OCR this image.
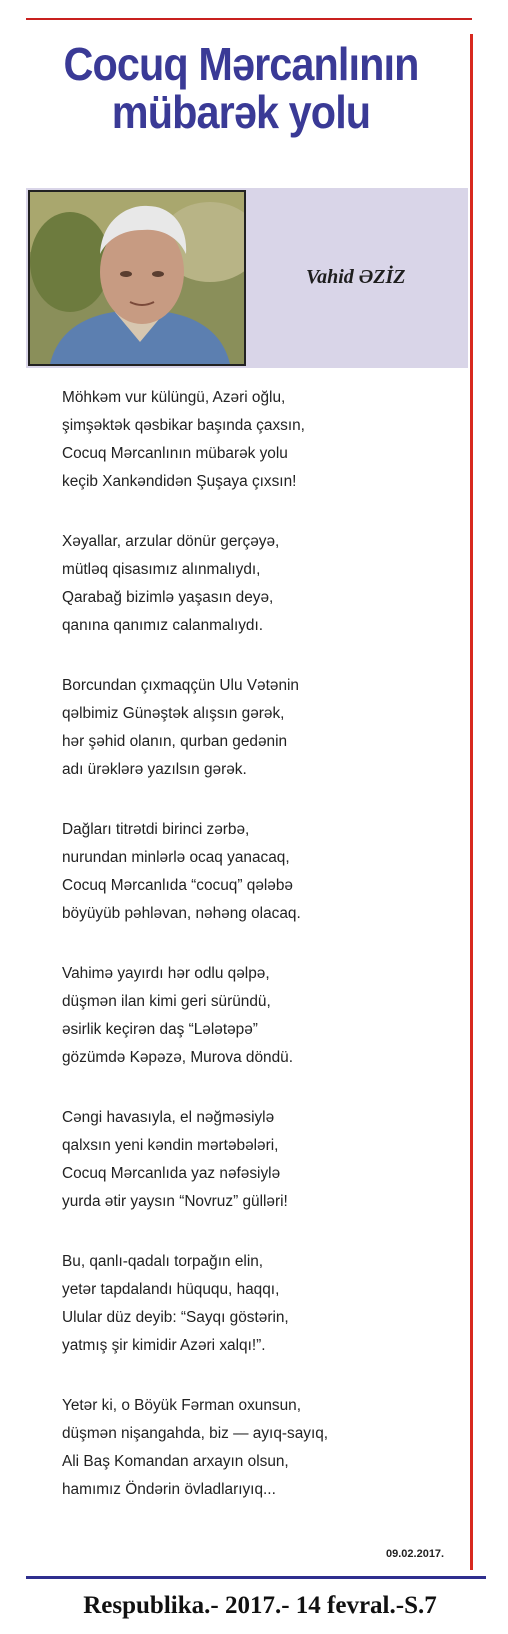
Cocuq Mərcanlının
mübarək yolu
Vahid ƏZİZ
Möhkəm vur külüngü, Azəri oğlu,
şimşəktək qəsbikar başında çaxsın,
Cocuq Mərcanlının mübarək yolu
keçib Xankəndidən Şuşaya çıxsın!
Xəyallar, arzular dönür gerçəyə,
mütləq qisasımız alınmalıydı,
Qarabağ bizimlə yaşasın deyə,
qanına qanımız calanmalıydı.
Borcundan çıxmaqçün Ulu Vətənin
qəlbimiz Günəştək alışsın gərək,
hər şəhid olanın, qurban gedənin
adı ürəklərə yazılsın gərək.
Dağları titrətdi birinci zərbə,
nurundan minlərlə ocaq yanacaq,
Cocuq Mərcanlıda “cocuq” qələbə
böyüyüb pəhləvan, nəhəng olacaq.
Vahimə yayırdı hər odlu qəlpə,
düşmən ilan kimi geri süründü,
əsirlik keçirən daş “Lələtəpə”
gözümdə Kəpəzə, Murova döndü.
Cəngi havasıyla, el nəğməsiylə
qalxsın yeni kəndin mərtəbələri,
Cocuq Mərcanlıda yaz nəfəsiylə
yurda ətir yaysın “Novruz” gülləri!
Bu, qanlı-qadalı torpağın elin,
yetər tapdalandı hüququ, haqqı,
Ulular düz deyib: “Sayqı göstərin,
yatmış şir kimidir Azəri xalqı!”.
Yetər ki, o Böyük Fərman oxunsun,
düşmən nişangahda, biz — ayıq-sayıq,
Ali Baş Komandan arxayın olsun,
hamımız Öndərin övladlarıyıq...
09.02.2017.
Respublika.- 2017.- 14 fevral.-S.7
